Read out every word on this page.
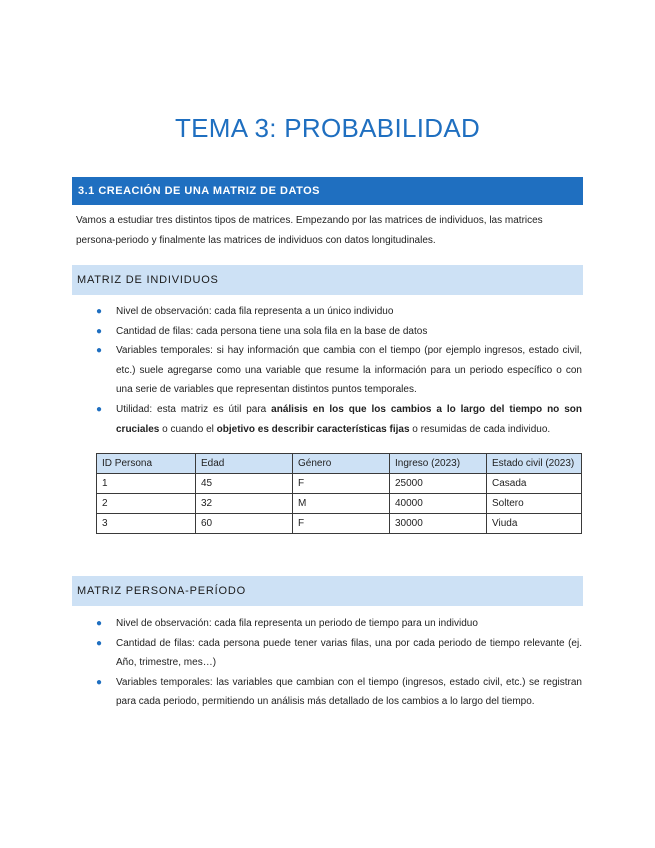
TEMA 3: PROBABILIDAD
3.1 CREACIÓN DE UNA MATRIZ DE DATOS
Vamos a estudiar tres distintos tipos de matrices. Empezando por las matrices de individuos, las matrices
persona-periodo y finalmente las matrices de individuos con datos longitudinales.
MATRIZ DE INDIVIDUOS
● Nivel de observación: cada fila representa a un único individuo
● Cantidad de filas: cada persona tiene una sola fila en la base de datos
● Variables temporales: si hay información que cambia con el tiempo (por ejemplo ingresos, estado civil, etc.) suele agregarse como una variable que resume la información para un periodo específico o con una serie de variables que representan distintos puntos temporales.
● Utilidad: esta matriz es útil para análisis en los que los cambios a lo largo del tiempo no son cruciales o cuando el objetivo es describir características fijas o resumidas de cada individuo.
ID Persona	Edad	Género	Ingreso (2023)	Estado civil (2023)
1	45	F	25000	Casada
2	32	M	40000	Soltero
3	60	F	30000	Viuda
MATRIZ PERSONA-PERÍODO
● Nivel de observación: cada fila representa un periodo de tiempo para un individuo
● Cantidad de filas: cada persona puede tener varias filas, una por cada periodo de tiempo relevante (ej. Año, trimestre, mes…)
● Variables temporales: las variables que cambian con el tiempo (ingresos, estado civil, etc.) se registran para cada periodo, permitiendo un análisis más detallado de los cambios a lo largo del tiempo.
